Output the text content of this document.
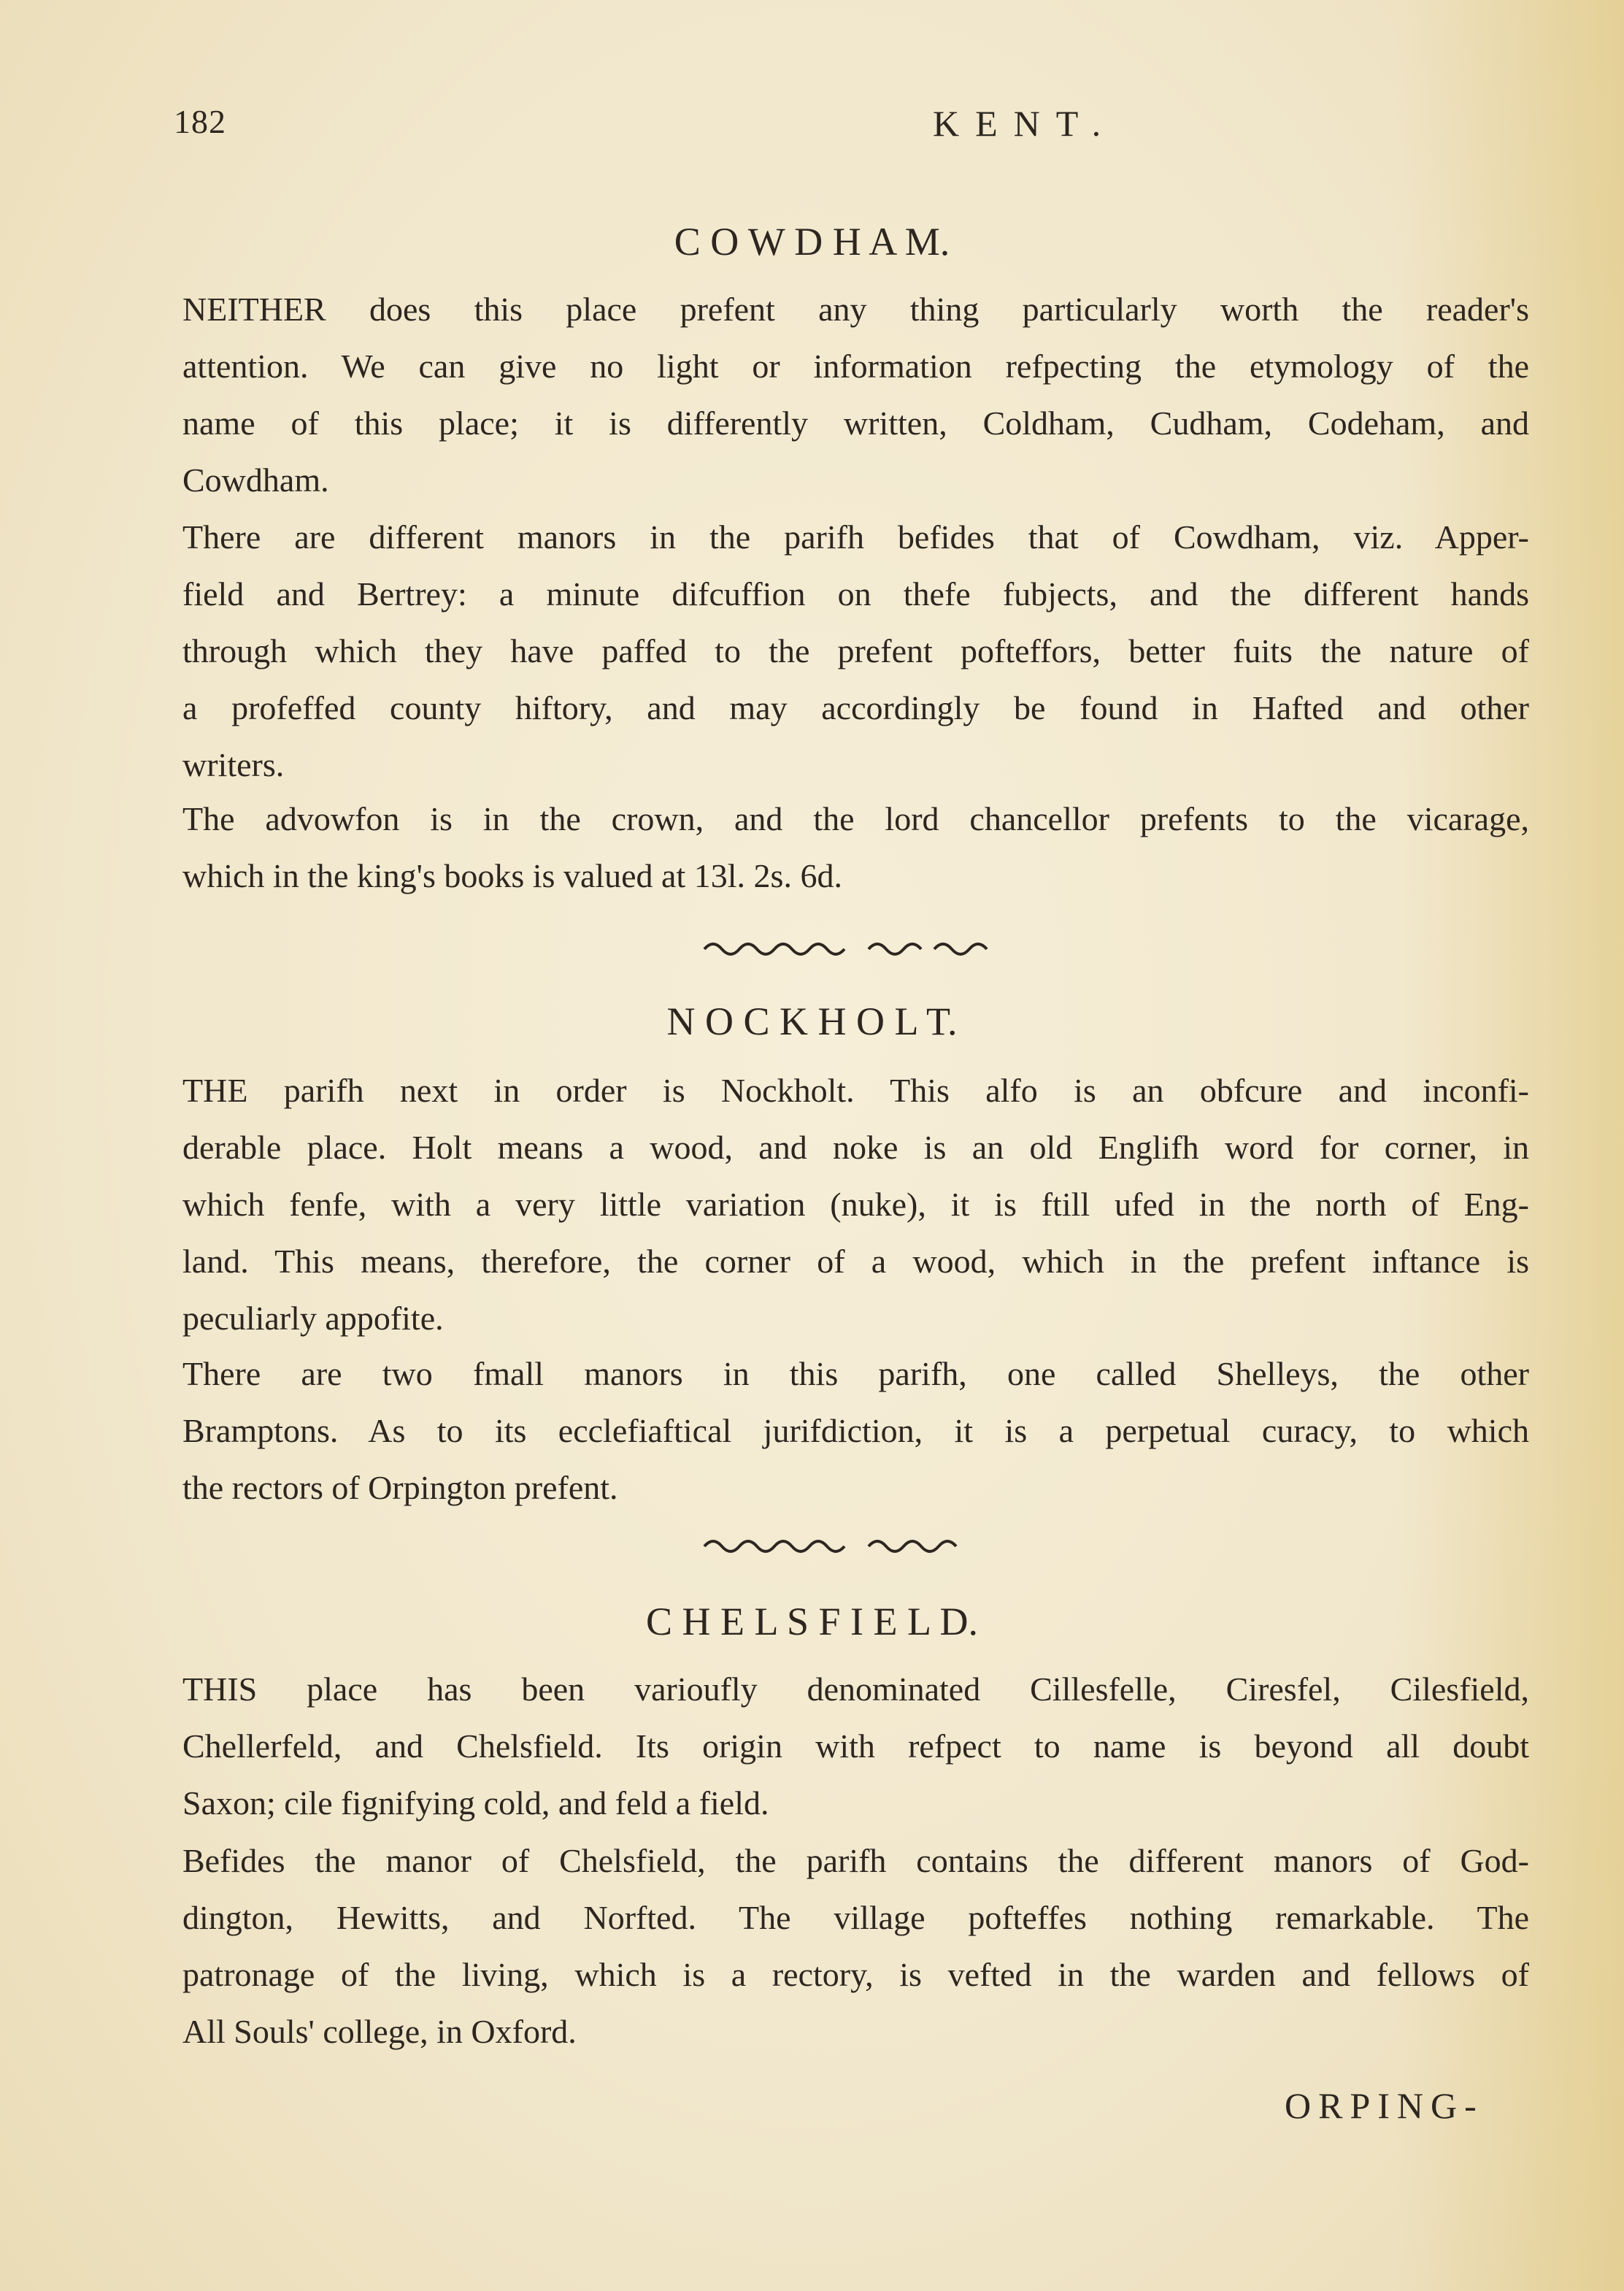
182	KENT.
C O W D H A M.
NEITHER does this place prefent any thing particularly worth the reader's
attention. We can give no light or information refpecting the etymology of the
name of this place; it is differently written, Coldham, Cudham, Codeham, and
Cowdham.
There are different manors in the parifh befides that of Cowdham, viz. Apper-
field and Bertrey: a minute difcuffion on thefe fubjects, and the different hands
through which they have paffed to the prefent pofteffors, better fuits the nature of
a profeffed county hiftory, and may accordingly be found in Hafted and other
writers.
The advowfon is in the crown, and the lord chancellor prefents to the vicarage,
which in the king's books is valued at 13l. 2s. 6d.
N O C K H O L T.
THE parifh next in order is Nockholt. This alfo is an obfcure and inconfi-
derable place. Holt means a wood, and noke is an old Englifh word for corner, in
which fenfe, with a very little variation (nuke), it is ftill ufed in the north of Eng-
land. This means, therefore, the corner of a wood, which in the prefent inftance is
peculiarly appofite.
There are two fmall manors in this parifh, one called Shelleys, the other
Bramptons. As to its ecclefiaftical jurifdiction, it is a perpetual curacy, to which
the rectors of Orpington prefent.
C H E L S F I E L D.
THIS place has been varioufly denominated Cillesfelle, Ciresfel, Cilesfield,
Chellerfeld, and Chelsfield. Its origin with refpect to name is beyond all doubt
Saxon; cile fignifying cold, and feld a field.
Befides the manor of Chelsfield, the parifh contains the different manors of God-
dington, Hewitts, and Norfted. The village pofteffes nothing remarkable. The
patronage of the living, which is a rectory, is vefted in the warden and fellows of
All Souls' college, in Oxford.
ORPING-
